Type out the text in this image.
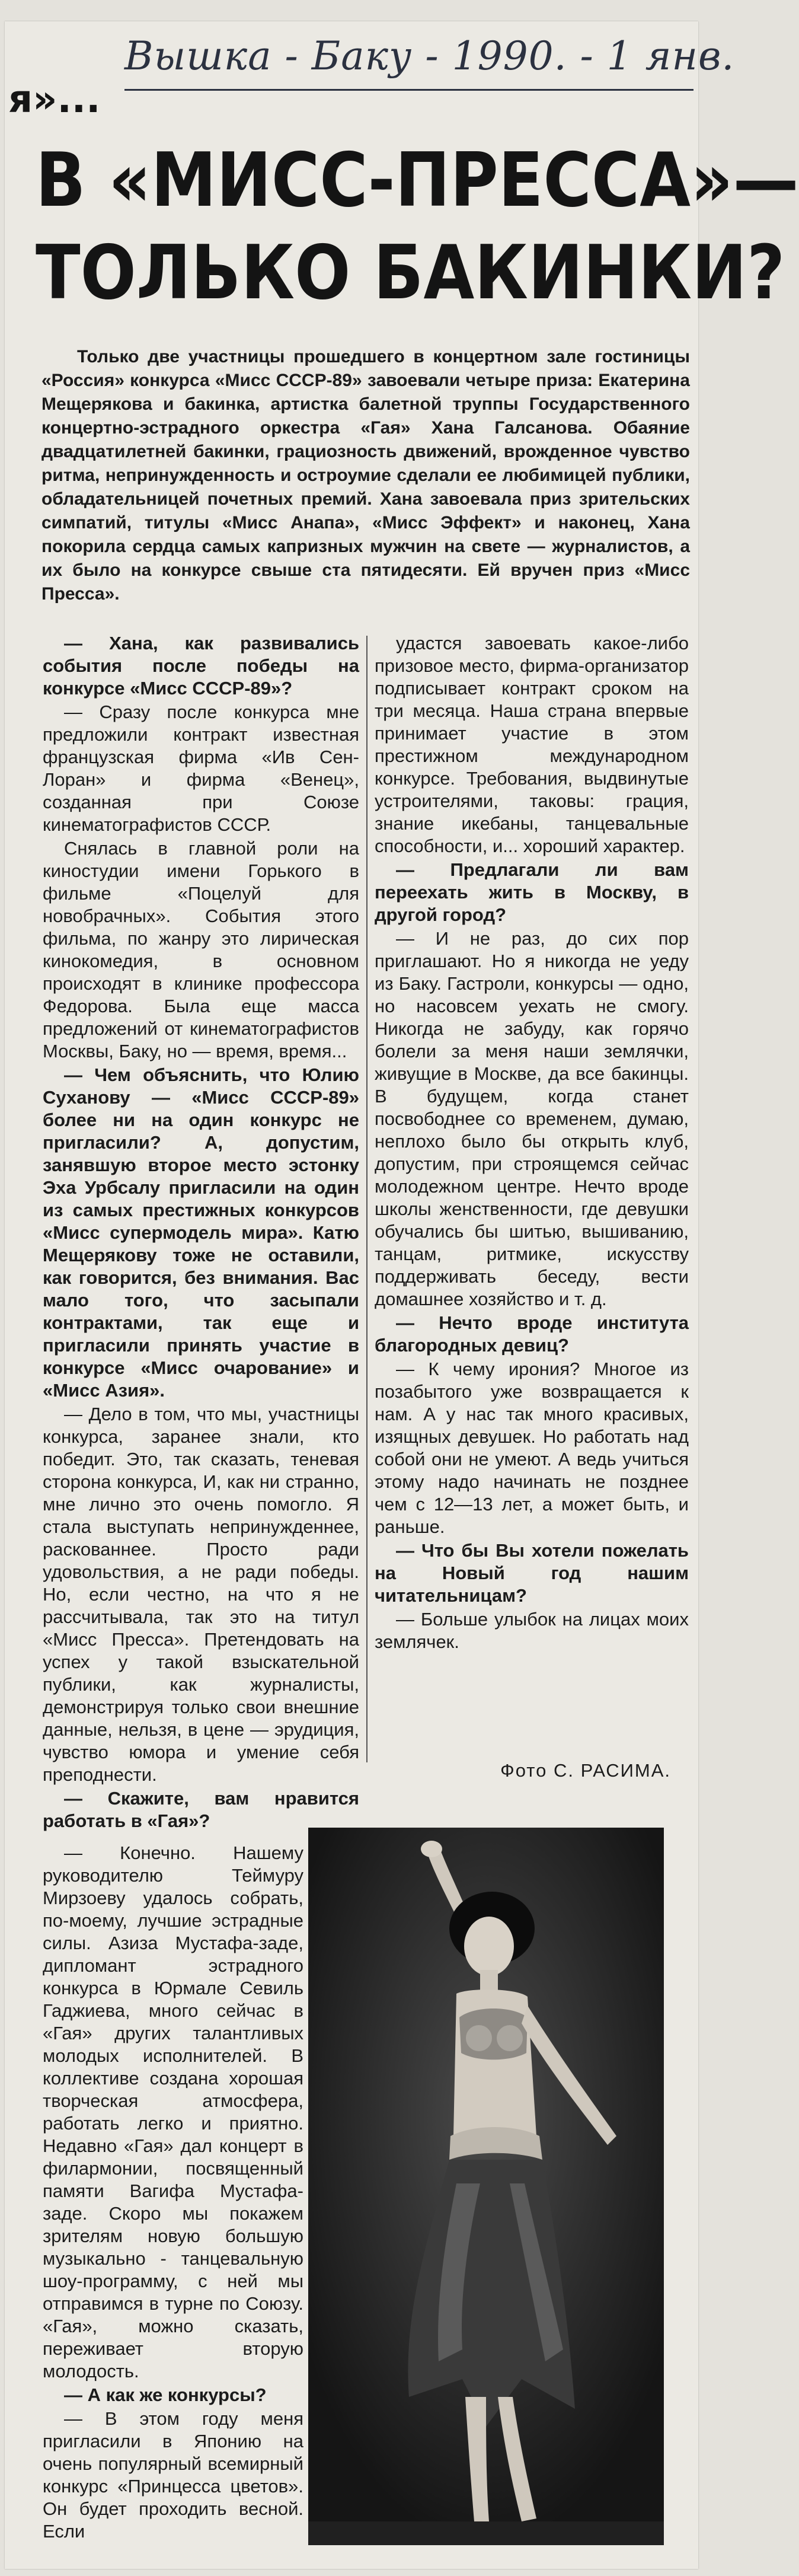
Вышка - Баку - 1990. - 1 янв.
я»...
В «МИСС-ПРЕССА»—
ТОЛЬКО БАКИНКИ?
Только две участницы прошедшего в концертном зале гостиницы «Россия» конкурса «Мисс СССР-89» завоевали четыре приза: Екатерина Мещерякова и бакинка, артистка балетной труппы Государственного концертно-эстрадного оркестра «Гая» Хана Галсанова. Обаяние двадцатилетней бакинки, грациозность движений, врожденное чувство ритма, непринужденность и остроумие сделали ее любимицей публики, обладательницей почетных премий. Хана завоевала приз зрительских симпатий, титулы «Мисс Анапа», «Мисс Эффект» и наконец, Хана покорила сердца самых капризных мужчин на свете — журналистов, а их было на конкурсе свыше ста пятидесяти. Ей вручен приз «Мисс Пресса».

— Хана, как развивались события после победы на конкурсе «Мисс СССР-89»?

— Сразу после конкурса мне предложили контракт известная французская фирма «Ив Сен-Лоран» и фирма «Венец», созданная при Союзе кинематографистов СССР.

Снялась в главной роли на киностудии имени Горького в фильме «Поцелуй для новобрачных». События этого фильма, по жанру это лирическая кинокомедия, в основном происходят в клинике профессора Федорова. Была еще масса предложений от кинематографистов Москвы, Баку, но — время, время...

— Чем объяснить, что Юлию Суханову — «Мисс СССР-89» более ни на один конкурс не пригласили? А, допустим, занявшую второе место эстонку Эха Урбсалу пригласили на один из самых престижных конкурсов «Мисс супермодель мира». Катю Мещерякову тоже не оставили, как говорится, без внимания. Вас мало того, что засыпали контрактами, так еще и пригласили принять участие в конкурсе «Мисс очарование» и «Мисс Азия».

— Дело в том, что мы, участницы конкурса, заранее знали, кто победит. Это, так сказать, теневая сторона конкурса, И, как ни странно, мне лично это очень помогло. Я стала выступать непринужденнее, раскованнее. Просто ради удовольствия, а не ради победы. Но, если честно, на что я не рассчитывала, так это на титул «Мисс Пресса». Претендовать на успех у такой взыскательной публики, как журналисты, демонстрируя только свои внешние данные, нельзя, в цене — эрудиция, чувство юмора и умение себя преподнести.

— Скажите, вам нравится работать в «Гая»?

— Конечно. Нашему руководителю Теймуру Мирзоеву удалось собрать, по-моему, лучшие эстрадные силы. Азиза Мустафа-заде, дипломант эстрадного конкурса в Юрмале Севиль Гаджиева, много сейчас в «Гая» других талантливых молодых исполнителей. В коллективе создана хорошая творческая атмосфера, работать легко и приятно. Недавно «Гая» дал концерт в филармонии, посвященный памяти Вагифа Мустафа-заде. Скоро мы покажем зрителям новую большую музыкально - танцевальную шоу-программу, с ней мы отправимся в турне по Союзу. «Гая», можно сказать, переживает вторую молодость.

— А как же конкурсы?

— В этом году меня пригласили в Японию на очень популярный всемирный конкурс «Принцесса цветов». Он будет проходить весной. Если

удастся завоевать какое-либо призовое место, фирма-организатор подписывает контракт сроком на три месяца. Наша страна впервые принимает участие в этом престижном международном конкурсе. Требования, выдвинутые устроителями, таковы: грация, знание икебаны, танцевальные способности, и... хороший характер.

— Предлагали ли вам переехать жить в Москву, в другой город?

— И не раз, до сих пор приглашают. Но я никогда не уеду из Баку. Гастроли, конкурсы — одно, но насовсем уехать не смогу. Никогда не забуду, как горячо болели за меня наши землячки, живущие в Москве, да все бакинцы. В будущем, когда станет посвободнее со временем, думаю, неплохо было бы открыть клуб, допустим, при строящемся сейчас молодежном центре. Нечто вроде школы женственности, где девушки обучались бы шитью, вышиванию, танцам, ритмике, искусству поддерживать беседу, вести домашнее хозяйство и т. д.

— Нечто вроде института благородных девиц?

— К чему ирония? Многое из позабытого уже возвращается к нам. А у нас так много красивых, изящных девушек. Но работать над собой они не умеют. А ведь учиться этому надо начинать не позднее чем с 12—13 лет, а может быть, и раньше.

— Что бы Вы хотели пожелать на Новый год нашим читательницам?

— Больше улыбок на лицах моих землячек.

Фото С. РАСИМА.
